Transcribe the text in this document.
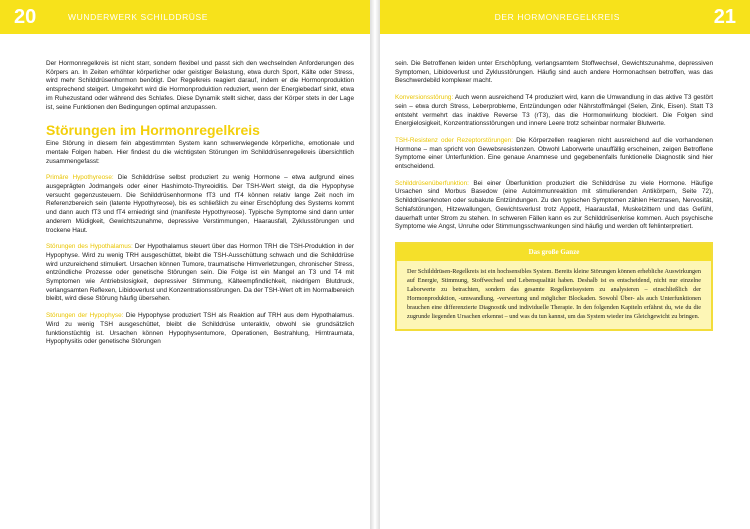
20	WUNDERWERK SCHILDDRÜSE	DER HORMONREGELKREIS	21

Der Hormonregelkreis ist nicht starr, sondern flexibel und passt sich den wechselnden Anforderungen des Körpers an. In Zeiten erhöhter körperlicher oder geistiger Belastung, etwa durch Sport, Kälte oder Stress, wird mehr Schilddrüsenhormon benötigt. Der Regelkreis reagiert darauf, indem er die Hormonproduktion entsprechend steigert. Umgekehrt wird die Hormonproduktion reduziert, wenn der Energiebedarf sinkt, etwa im Ruhezustand oder während des Schlafes. Diese Dynamik stellt sicher, dass der Körper stets in der Lage ist, seine Funktionen den Bedingungen optimal anzupassen.

Störungen im Hormonregelkreis

Eine Störung in diesem fein abgestimmten System kann schwerwiegende körperliche, emotionale und mentale Folgen haben. Hier findest du die wichtigsten Störungen im Schilddrüsenregelkreis übersichtlich zusammengefasst:

Primäre Hypothyreose: Die Schilddrüse selbst produziert zu wenig Hormone – etwa aufgrund eines ausgeprägten Jodmangels oder einer Hashimoto-Thyreoiditis. Der TSH-Wert steigt, da die Hypophyse versucht gegenzusteuern. Die Schilddrüsenhormone fT3 und fT4 können relativ lange Zeit noch im Referenzbereich sein (latente Hypothyreose), bis es schließlich zu einer Erschöpfung des Systems kommt und dann auch fT3 und fT4 erniedrigt sind (manifeste Hypothyreose). Typische Symptome sind dann unter anderem Müdigkeit, Gewichtszunahme, depressive Verstimmungen, Haarausfall, Zyklusstörungen und trockene Haut.

Störungen des Hypothalamus: Der Hypothalamus steuert über das Hormon TRH die TSH-Produktion in der Hypophyse. Wird zu wenig TRH ausgeschüttet, bleibt die TSH-Ausschüttung schwach und die Schilddrüse wird unzureichend stimuliert. Ursachen können Tumore, traumatische Hirnverletzungen, chronischer Stress, entzündliche Prozesse oder genetische Störungen sein. Die Folge ist ein Mangel an T3 und T4 mit Symptomen wie Antriebslosigkeit, depressiver Stimmung, Kälteempfindlichkeit, niedrigem Blutdruck, verlangsamten Reflexen, Libidoverlust und Konzentrationsstörungen. Da der TSH-Wert oft im Normalbereich bleibt, wird diese Störung häufig übersehen.

Störungen der Hypophyse: Die Hypophyse produziert TSH als Reaktion auf TRH aus dem Hypothalamus. Wird zu wenig TSH ausgeschüttet, bleibt die Schilddrüse unteraktiv, obwohl sie grundsätzlich funktionstüchtig ist. Ursachen können Hypophysentumore, Operationen, Bestrahlung, Hirntraumata, Hypophysitis oder genetische Störungen

sein. Die Betroffenen leiden unter Erschöpfung, verlangsamtem Stoffwechsel, Gewichtszunahme, depressiven Symptomen, Libidoverlust und Zyklusstörungen. Häufig sind auch andere Hormonachsen betroffen, was das Beschwerdebild komplexer macht.

Konversionsstörung: Auch wenn ausreichend T4 produziert wird, kann die Umwandlung in das aktive T3 gestört sein – etwa durch Stress, Leberprobleme, Entzündungen oder Nährstoffmängel (Selen, Zink, Eisen). Statt T3 entsteht vermehrt das inaktive Reverse T3 (rT3), das die Hormonwirkung blockiert. Die Folgen sind Energielosigkeit, Konzentrationsstörungen und innere Leere trotz scheinbar normaler Blutwerte.

TSH-Resistenz oder Rezeptorstörungen: Die Körperzellen reagieren nicht ausreichend auf die vorhandenen Hormone – man spricht von Gewebsresistenzen. Obwohl Laborwerte unauffällig erscheinen, zeigen Betroffene Symptome einer Unterfunktion. Eine genaue Anamnese und gegebenenfalls funktionelle Diagnostik sind hier entscheidend.

Schilddrüsenüberfunktion: Bei einer Überfunktion produziert die Schilddrüse zu viele Hormone. Häufige Ursachen sind Morbus Basedow (eine Autoimmunreaktion mit stimulierenden Antikörpern, Seite 72), Schilddrüsenknoten oder subakute Entzündungen. Zu den typischen Symptomen zählen Herzrasen, Nervosität, Schlafstörungen, Hitzewallungen, Gewichtsverlust trotz Appetit, Haarausfall, Muskelzittern und das Gefühl, dauerhaft unter Strom zu stehen. In schweren Fällen kann es zur Schilddrüsenkrise kommen. Auch psychische Symptome wie Angst, Unruhe oder Stimmungsschwankungen sind häufig und werden oft fehlinterpretiert.

Das große Ganze
Der Schilddrüsen-Regelkreis ist ein hochsensibles System. Bereits kleine Störungen können erhebliche Auswirkungen auf Energie, Stimmung, Stoffwechsel und Lebensqualität haben. Deshalb ist es entscheidend, nicht nur einzelne Laborwerte zu betrachten, sondern das gesamte Regelkreissystem zu analysieren – einschließlich der Hormonproduktion, -umwandlung, -verwertung und möglicher Blockaden. Sowohl Über- als auch Unterfunktionen brauchen eine differenzierte Diagnostik und individuelle Therapie. In den folgenden Kapiteln erfährst du, wie du die zugrunde liegenden Ursachen erkennst – und was du tun kannst, um das System wieder ins Gleichgewicht zu bringen.
